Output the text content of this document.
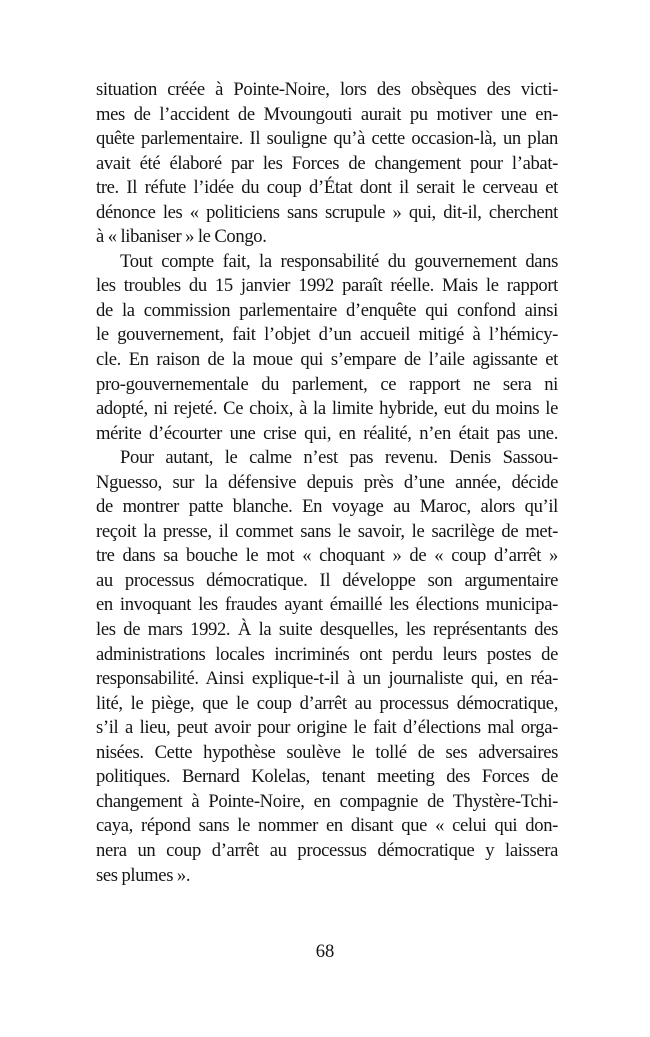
situation créée à Pointe-Noire, lors des obsèques des victi-
mes de l’accident de Mvoungouti aurait pu motiver une en-
quête parlementaire. Il souligne qu’à cette occasion-là, un plan
avait été élaboré par les Forces de changement pour l’abat-
tre. Il réfute l’idée du coup d’État dont il serait le cerveau et
dénonce les « politiciens sans scrupule » qui, dit-il, cherchent
à « libaniser » le Congo.
Tout compte fait, la responsabilité du gouvernement dans
les troubles du 15 janvier 1992 paraît réelle. Mais le rapport
de la commission parlementaire d’enquête qui confond ainsi
le gouvernement, fait l’objet d’un accueil mitigé à l’hémicy-
cle. En raison de la moue qui s’empare de l’aile agissante et
pro-gouvernementale du parlement, ce rapport ne sera ni
adopté, ni rejeté. Ce choix, à la limite hybride, eut du moins le
mérite d’écourter une crise qui, en réalité, n’en était pas une.
Pour autant, le calme n’est pas revenu. Denis Sassou-
Nguesso, sur la défensive depuis près d’une année, décide
de montrer patte blanche. En voyage au Maroc, alors qu’il
reçoit la presse, il commet sans le savoir, le sacrilège de met-
tre dans sa bouche le mot « choquant » de « coup d’arrêt »
au processus démocratique. Il développe son argumentaire
en invoquant les fraudes ayant émaillé les élections municipa-
les de mars 1992. À la suite desquelles, les représentants des
administrations locales incriminés ont perdu leurs postes de
responsabilité. Ainsi explique-t-il à un journaliste qui, en réa-
lité, le piège, que le coup d’arrêt au processus démocratique,
s’il a lieu, peut avoir pour origine le fait d’élections mal orga-
nisées. Cette hypothèse soulève le tollé de ses adversaires
politiques. Bernard Kolelas, tenant meeting des Forces de
changement à Pointe-Noire, en compagnie de Thystère-Tchi-
caya, répond sans le nommer en disant que « celui qui don-
nera un coup d’arrêt au processus démocratique y laissera
ses plumes ».
68
